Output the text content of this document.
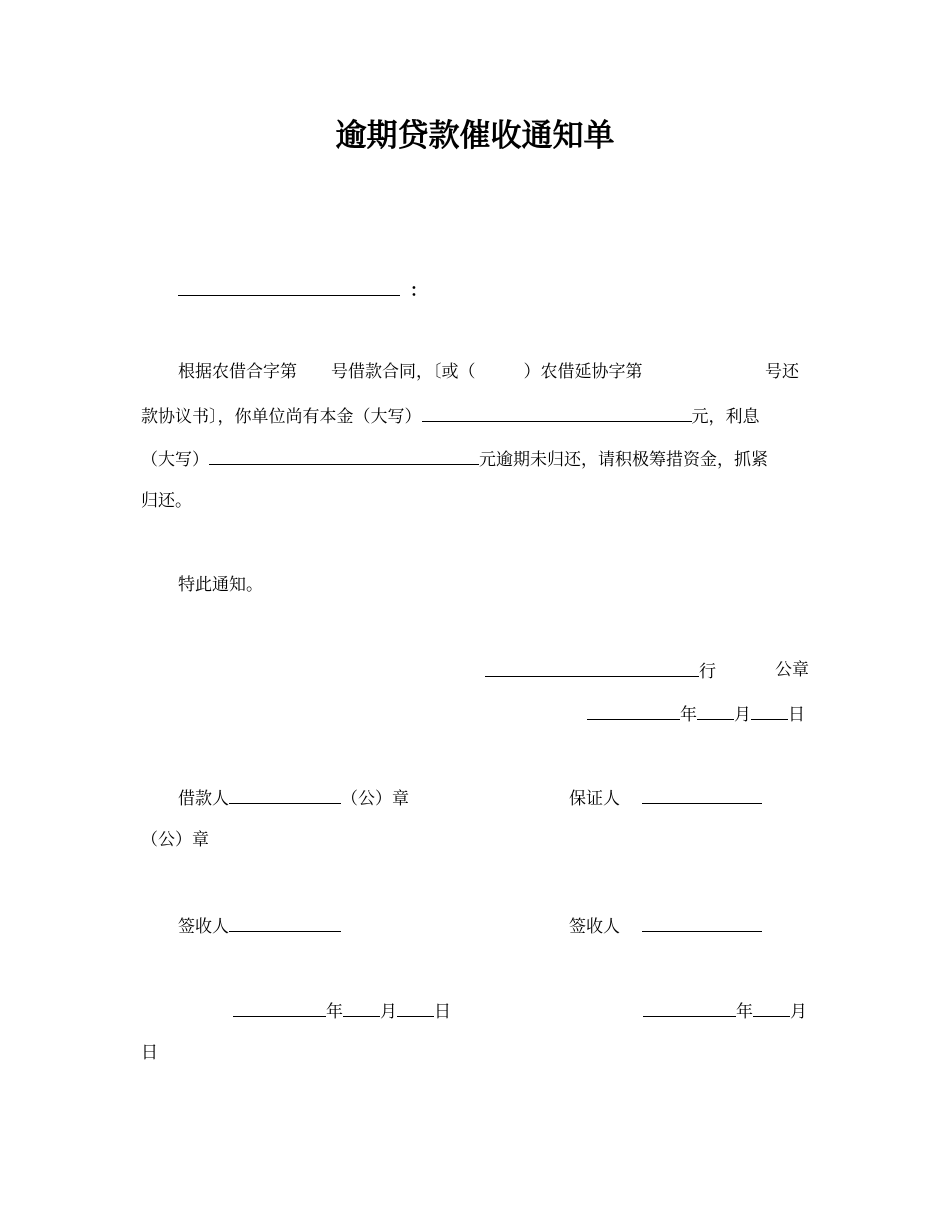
逾期贷款催收通知单
：
根据农借合字第 号借款合同，〔或（	）农借延协字第	号还
款协议书〕，你单位尚有本金（大写）	元，利息
（大写）	元逾期未归还，请积极筹措资金，抓紧
归还。
特此通知。
行	公章
年 月 日
借款人	（公）章	保证人
（公）章
签收人	签收人
年 月 日	年 月
日
